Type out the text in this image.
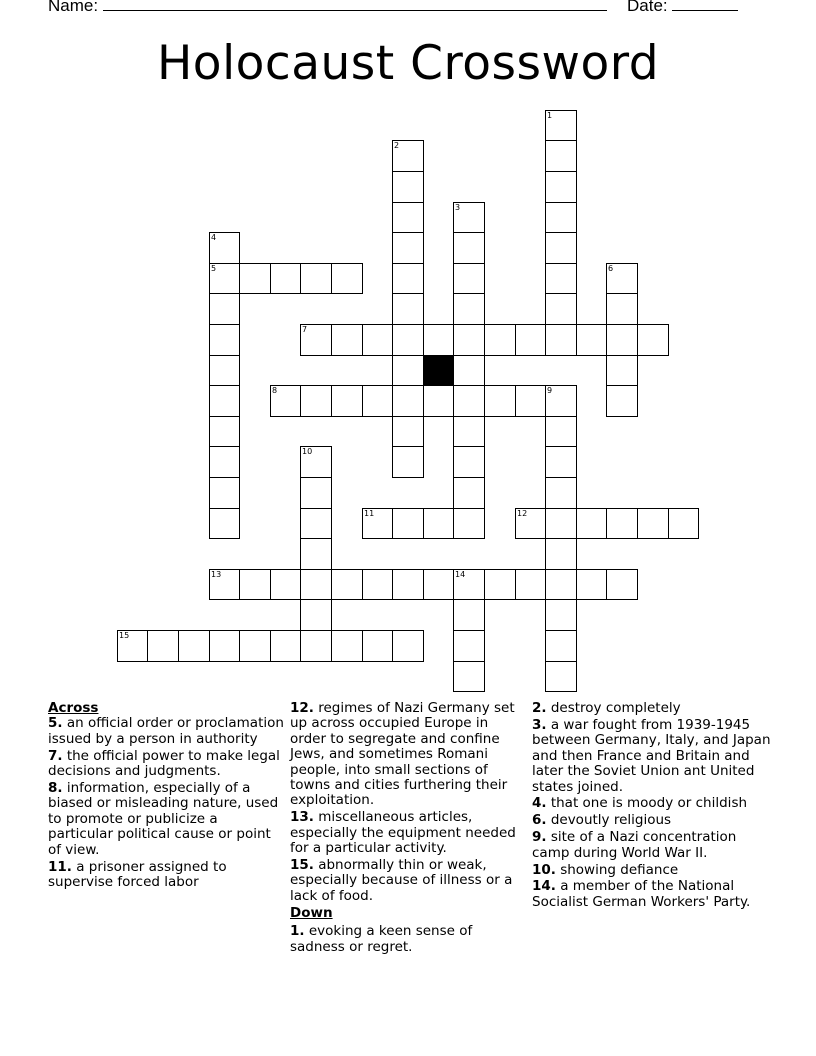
Name:	Date:
Holocaust Crossword
1
2
3
4
5	6
7
8	9
10
11	12
13	14
15

Across

5. an official order or proclamation issued by a person in authority

7. the official power to make legal decisions and judgments.

8. information, especially of a biased or misleading nature, used to promote or publicize a particular political cause or point of view.

11. a prisoner assigned to supervise forced labor

12. regimes of Nazi Germany set up across occupied Europe in order to segregate and confine Jews, and sometimes Romani people, into small sections of towns and cities furthering their exploitation.

13. miscellaneous articles, especially the equipment needed for a particular activity.

15. abnormally thin or weak, especially because of illness or a lack of food.

Down

1. evoking a keen sense of sadness or regret.

2. destroy completely

3. a war fought from 1939-1945 between Germany, Italy, and Japan and then France and Britain and later the Soviet Union ant United states joined.

4. that one is moody or childish

6. devoutly religious

9. site of a Nazi concentration camp during World War II.

10. showing defiance

14. a member of the National Socialist German Workers' Party.
